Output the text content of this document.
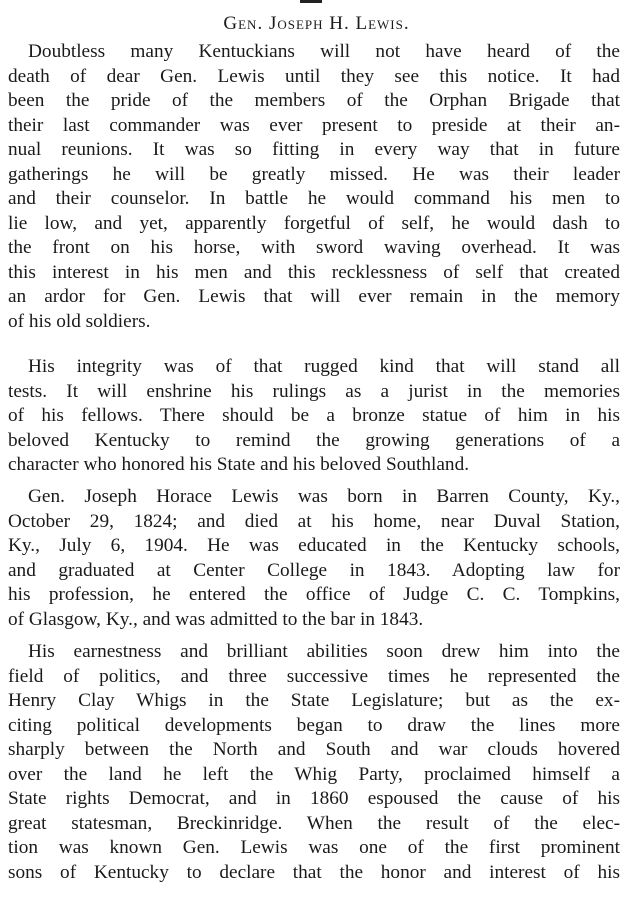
Gen. Joseph H. Lewis.
Doubtless many Kentuckians will not have heard of the
death of dear Gen. Lewis until they see this notice. It had
been the pride of the members of the Orphan Brigade that
their last commander was ever present to preside at their an-
nual reunions. It was so fitting in every way that in future
gatherings he will be greatly missed. He was their leader
and their counselor. In battle he would command his men to
lie low, and yet, apparently forgetful of self, he would dash to
the front on his horse, with sword waving overhead. It was
this interest in his men and this recklessness of self that created
an ardor for Gen. Lewis that will ever remain in the memory
of his old soldiers.
His integrity was of that rugged kind that will stand all
tests. It will enshrine his rulings as a jurist in the memories
of his fellows. There should be a bronze statue of him in his
beloved Kentucky to remind the growing generations of a
character who honored his State and his beloved Southland.
Gen. Joseph Horace Lewis was born in Barren County, Ky.,
October 29, 1824; and died at his home, near Duval Station,
Ky., July 6, 1904. He was educated in the Kentucky schools,
and graduated at Center College in 1843. Adopting law for
his profession, he entered the office of Judge C. C. Tompkins,
of Glasgow, Ky., and was admitted to the bar in 1843.
His earnestness and brilliant abilities soon drew him into the
field of politics, and three successive times he represented the
Henry Clay Whigs in the State Legislature; but as the ex-
citing political developments began to draw the lines more
sharply between the North and South and war clouds hovered
over the land he left the Whig Party, proclaimed himself a
State rights Democrat, and in 1860 espoused the cause of his
great statesman, Breckinridge. When the result of the elec-
tion was known Gen. Lewis was one of the first prominent
sons of Kentucky to declare that the honor and interest of his
